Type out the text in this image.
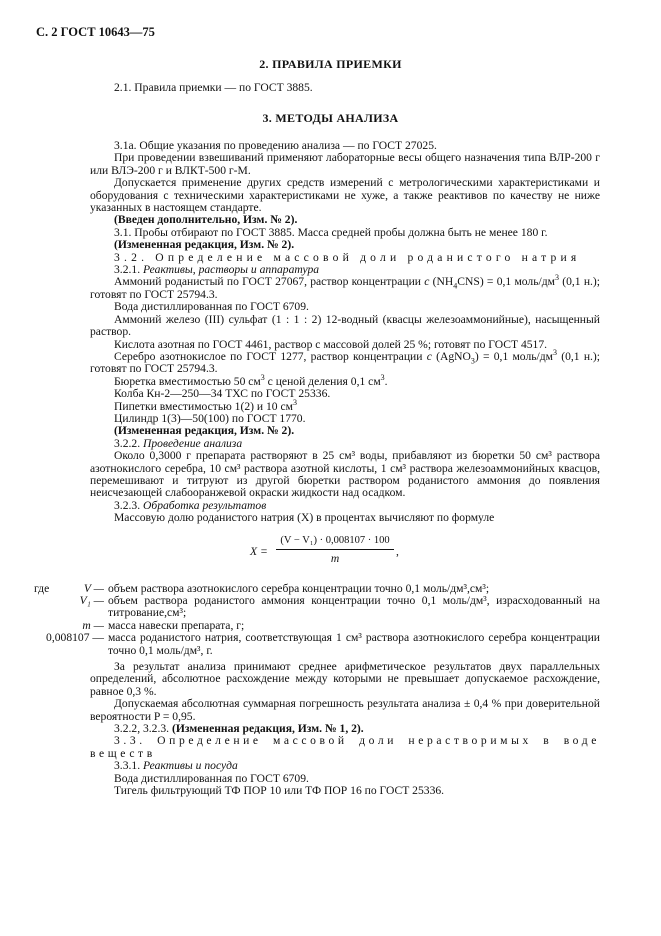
С. 2 ГОСТ 10643—75
2. ПРАВИЛА ПРИЕМКИ

2.1. Правила приемки — по ГОСТ 3885.

3. МЕТОДЫ АНАЛИЗА

3.1а. Общие указания по проведению анализа — по ГОСТ 27025.

При проведении взвешиваний применяют лабораторные весы общего назначения типа ВЛР-200 г или ВЛЭ-200 г и ВЛКТ-500 г-М.

Допускается применение других средств измерений с метрологическими характеристиками и оборудования с техническими характеристиками не хуже, а также реактивов по качеству не ниже указанных в настоящем стандарте.

(Введен дополнительно, Изм. № 2).

3.1. Пробы отбирают по ГОСТ 3885. Масса средней пробы должна быть не менее 180 г.

(Измененная редакция, Изм. № 2).

3.2. Определение массовой доли роданистого натрия

3.2.1. Реактивы, растворы и аппаратура

Аммоний роданистый по ГОСТ 27067, раствор концентрации c $(NH_4CNS) = 0,1$ моль/$дм^3$ (0,1 н.); готовят по ГОСТ 25794.3.

Вода дистиллированная по ГОСТ 6709.

Аммоний железо (III) сульфат (1 : 1 : 2) 12-водный (квасцы железоаммонийные), насыщенный раствор.

Кислота азотная по ГОСТ 4461, раствор с массовой долей 25 %; готовят по ГОСТ 4517.

Серебро азотнокислое по ГОСТ 1277, раствор концентрации c (AgNO$_3$) = 0,1 моль/$дм^3$ (0,1 н.); готовят по ГОСТ 25794.3.

Бюретка вместимостью 50 $см^3$ с ценой деления 0,1 $см^3$.

Колба Кн-2—250—34 ТХС по ГОСТ 25336.

Пипетки вместимостью 1(2) и 10 $см^3$

Цилиндр 1(3)—50(100) по ГОСТ 1770.

(Измененная редакция, Изм. № 2).

3.2.2. Проведение анализа

Около 0,3000 г препарата растворяют в 25 см³ воды, прибавляют из бюретки 50 см³ раствора азотнокислого серебра, 10 см³ раствора азотной кислоты, 1 см³ раствора железоаммонийных квасцов, перемешивают и титруют из другой бюретки раствором роданистого аммония до появления неисчезающей слабооранжевой окраски жидкости над осадком.

3.2.3. Обработка результатов

Массовую долю роданистого натрия (X) в процентах вычисляют по формуле

X =
(V − V₁) · 0,008107 · 100
m
,
где	V — объем раствора азотнокислого серебра концентрации точно 0,1 моль/дм³,см³;
V₁ — объем раствора роданистого аммония концентрации точно 0,1 моль/дм³, израсходованный на титрование,см³;
m — масса навески препарата, г;
0,008107 — масса роданистого натрия, соответствующая 1 см³ раствора азотнокислого серебра концентрации точно 0,1 моль/дм³, г.

За результат анализа принимают среднее арифметическое результатов двух параллельных определений, абсолютное расхождение между которыми не превышает допускаемое расхождение, равное 0,3 %.

Допускаемая абсолютная суммарная погрешность результата анализа ± 0,4 % при доверительной вероятности P = 0,95.

3.2.2, 3.2.3. (Измененная редакция, Изм. № 1, 2).

3.3. Определение массовой доли нерастворимых в воде веществ

3.3.1. Реактивы и посуда

Вода дистиллированная по ГОСТ 6709.

Тигель фильтрующий ТФ ПОР 10 или ТФ ПОР 16 по ГОСТ 25336.
